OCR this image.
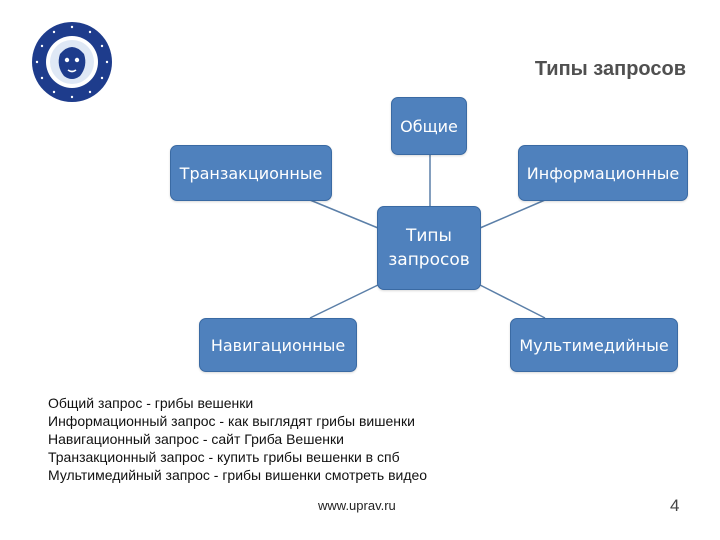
Типы запросов
Общие
Транзакционные	Информационные
Типы
запросов
Навигационные	Мультимедийные
Общий запрос - грибы вешенки
Информационный запрос - как выглядят грибы вишенки
Навигационный запрос - сайт Гриба Вешенки
Транзакционный запрос - купить грибы вешенки в спб
Мультимедийный запрос - грибы вишенки смотреть видео
www.uprav.ru	4
